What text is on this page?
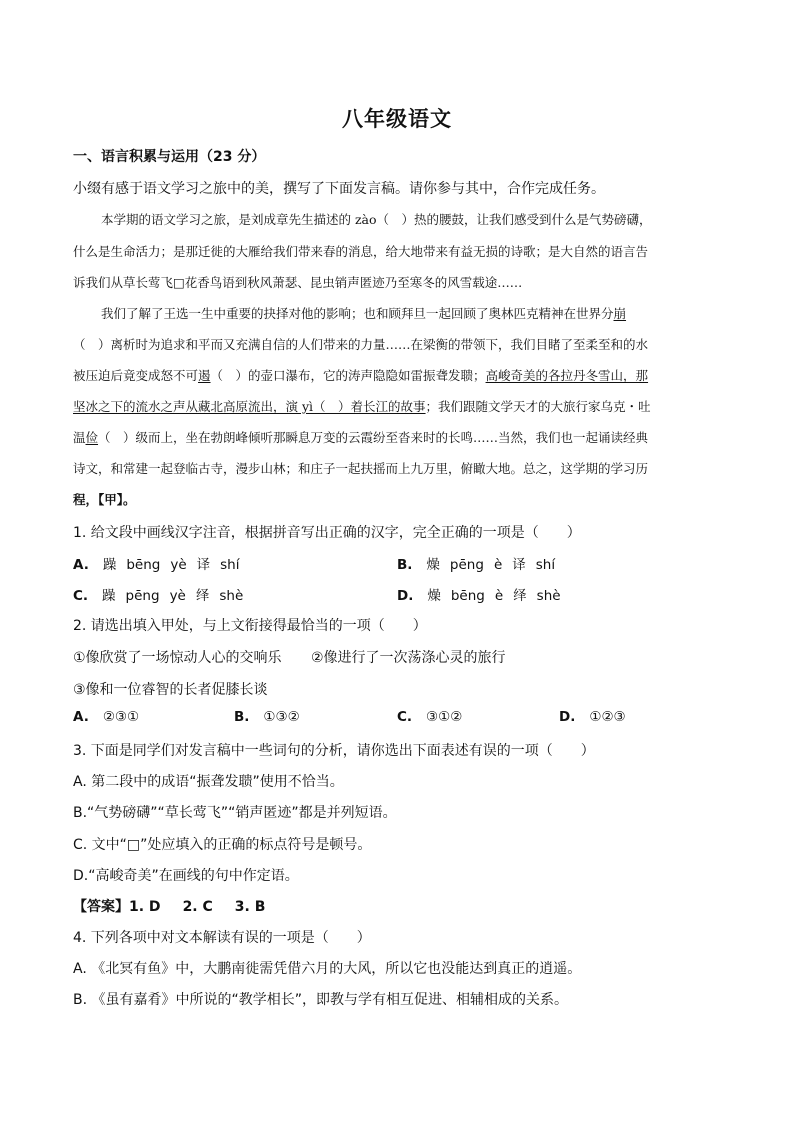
八年级语文
一、语言积累与运用（23 分）
小缀有感于语文学习之旅中的美，撰写了下面发言稿。请你参与其中，合作完成任务。
本学期的语文学习之旅，是刘成章先生描述的 zào（　）热的腰鼓，让我们感受到什么是气势磅礴，
什么是生命活力；是那迁徙的大雁给我们带来春的消息，给大地带来有益无损的诗歌；是大自然的语言告
诉我们从草长莺飞□花香鸟语到秋风萧瑟、昆虫销声匿迹乃至寒冬的风雪载途……
我们了解了王选一生中重要的抉择对他的影响；也和顾拜旦一起回顾了奥林匹克精神在世界分崩
（　）离析时为追求和平而又充满自信的人们带来的力量……在梁衡的带领下，我们目睹了至柔至和的水
被压迫后竟变成怒不可遏（　）的壶口瀑布，它的涛声隐隐如雷振聋发聩；高峻奇美的各拉丹冬雪山，那
坚冰之下的流水之声从藏北高原流出，演 yì（　）着长江的故事；我们跟随文学天才的大旅行家乌克・吐
温俭（　）级而上，坐在勃朗峰倾听那瞬息万变的云霞纷至沓来时的长鸣……当然，我们也一起诵读经典
诗文，和常建一起登临古寺，漫步山林；和庄子一起扶摇而上九万里，俯瞰大地。总之，这学期的学习历
程，【甲】。
1. 给文段中画线汉字注音，根据拼音写出正确的汉字，完全正确的一项是（　　）
A. 躁 bēng yè 译 shí	B. 燥 pēng è 译 shí
C. 躁 pēng yè 绎 shè	D. 燥 bēng è 绎 shè
2. 请选出填入甲处，与上文衔接得最恰当的一项（　　）
①像欣赏了一场惊动人心的交响乐 ②像进行了一次荡涤心灵的旅行
③像和一位睿智的长者促膝长谈
A. ②③①	B. ①③②	C. ③①②	D. ①②③
3. 下面是同学们对发言稿中一些词句的分析，请你选出下面表述有误的一项（　　）
A. 第二段中的成语“振聋发聩”使用不恰当。
B.“气势磅礴”“草长莺飞”“销声匿迹”都是并列短语。
C. 文中“□”处应填入的正确的标点符号是顿号。
D.“高峻奇美”在画线的句中作定语。
【答案】1. D 2. C 3. B
4. 下列各项中对文本解读有误的一项是（　　）
A. 《北冥有鱼》中，大鹏南徙需凭借六月的大风，所以它也没能达到真正的逍遥。
B. 《虽有嘉肴》中所说的“教学相长”，即教与学有相互促进、相辅相成的关系。
